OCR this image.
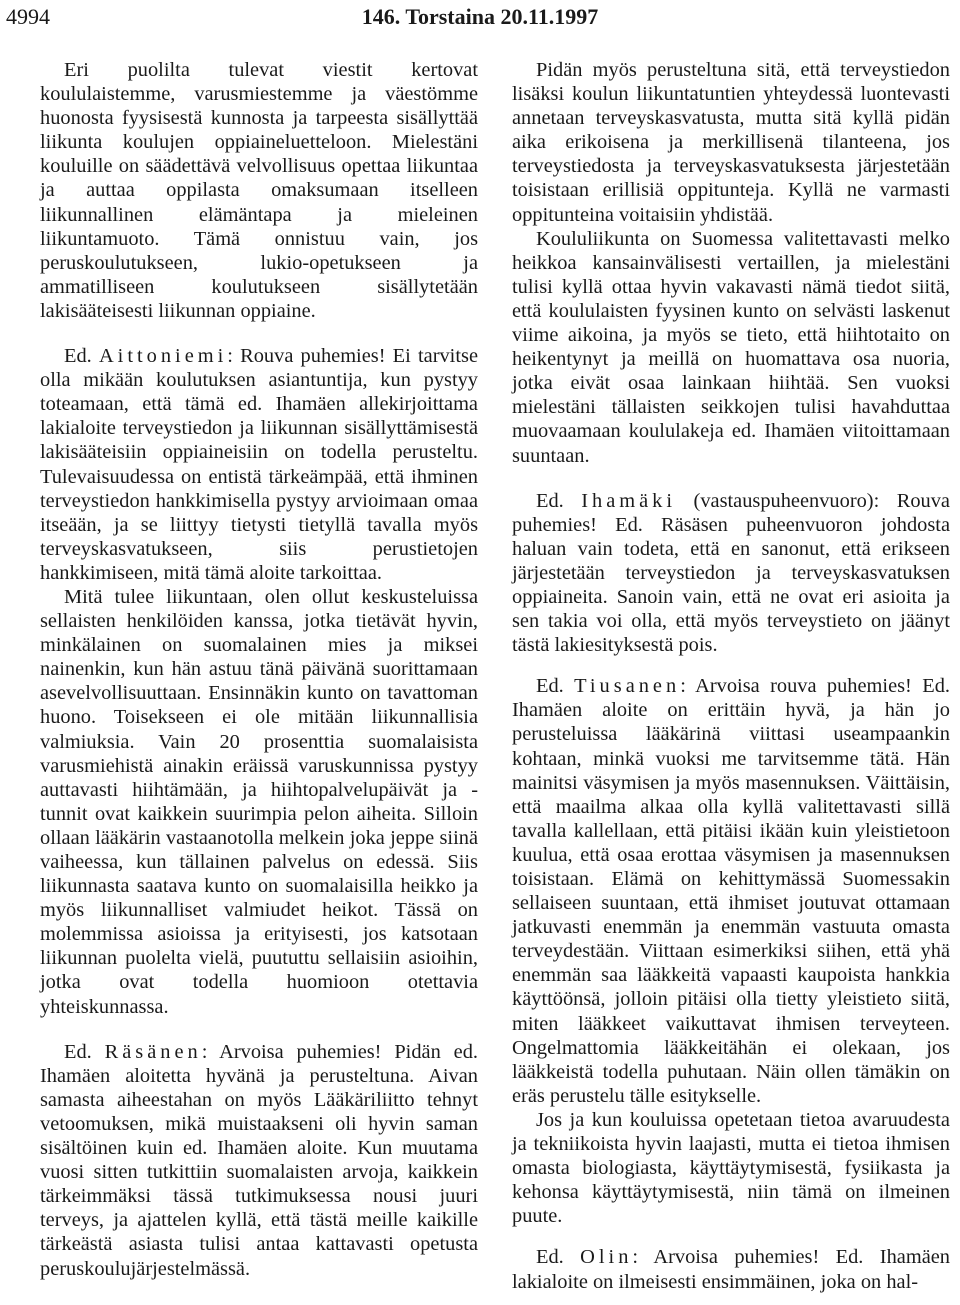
4994	146. Torstaina 20.11.1997

Eri puolilta tulevat viestit kertovat koululaistemme, varusmiestemme ja väestömme huonosta fyysisestä kunnosta ja tarpeesta sisällyttää liikunta koulujen oppiaineluetteloon. Mielestäni kouluille on säädettävä velvollisuus opettaa liikuntaa ja auttaa oppilasta omaksumaan itselleen liikunnallinen elämäntapa ja mieleinen liikuntamuoto. Tämä onnistuu vain, jos peruskoulutukseen, lukio-opetukseen ja ammatilliseen koulutukseen sisällytetään lakisääteisesti liikunnan oppiaine.

Ed. Aittoniemi: Rouva puhemies! Ei tarvitse olla mikään koulutuksen asiantuntija, kun pystyy toteamaan, että tämä ed. Ihamäen allekirjoittama lakialoite terveystiedon ja liikunnan sisällyttämisestä lakisääteisiin oppiaineisiin on todella perusteltu. Tulevaisuudessa on entistä tärkeämpää, että ihminen terveystiedon hankkimisella pystyy arvioimaan omaa itseään, ja se liittyy tietysti tietyllä tavalla myös terveyskasvatukseen, siis perustietojen hankkimiseen, mitä tämä aloite tarkoittaa.

Mitä tulee liikuntaan, olen ollut keskusteluissa sellaisten henkilöiden kanssa, jotka tietävät hyvin, minkälainen on suomalainen mies ja miksei nainenkin, kun hän astuu tänä päivänä suorittamaan asevelvollisuuttaan. Ensinnäkin kunto on tavattoman huono. Toisekseen ei ole mitään liikunnallisia valmiuksia. Vain 20 prosenttia suomalaisista varusmiehistä ainakin eräissä varuskunnissa pystyy auttavasti hiihtämään, ja hiihtopalvelupäivät ja -tunnit ovat kaikkein suurimpia pelon aiheita. Silloin ollaan lääkärin vastaanotolla melkein joka jeppe siinä vaiheessa, kun tällainen palvelus on edessä. Siis liikunnasta saatava kunto on suomalaisilla heikko ja myös liikunnalliset valmiudet heikot. Tässä on molemmissa asioissa ja erityisesti, jos katsotaan liikunnan puolelta vielä, puututtu sellaisiin asioihin, jotka ovat todella huomioon otettavia yhteiskunnassa.

Ed. Räsänen: Arvoisa puhemies! Pidän ed. Ihamäen aloitetta hyvänä ja perusteltuna. Aivan samasta aiheestahan on myös Lääkäriliitto tehnyt vetoomuksen, mikä muistaakseni oli hyvin saman sisältöinen kuin ed. Ihamäen aloite. Kun muutama vuosi sitten tutkittiin suomalaisten arvoja, kaikkein tärkeimmäksi tässä tutkimuksessa nousi juuri terveys, ja ajattelen kyllä, että tästä meille kaikille tärkeästä asiasta tulisi antaa kattavasti opetusta peruskoulujärjestelmässä.

Pidän myös perusteltuna sitä, että terveystiedon lisäksi koulun liikuntatuntien yhteydessä luontevasti annetaan terveyskasvatusta, mutta sitä kyllä pidän aika erikoisena ja merkillisenä tilanteena, jos terveystiedosta ja terveyskasvatuksesta järjestetään toisistaan erillisiä oppitunteja. Kyllä ne varmasti oppitunteina voitaisiin yhdistää.

Koululiikunta on Suomessa valitettavasti melko heikkoa kansainvälisesti vertaillen, ja mielestäni tulisi kyllä ottaa hyvin vakavasti nämä tiedot siitä, että koululaisten fyysinen kunto on selvästi laskenut viime aikoina, ja myös se tieto, että hiihtotaito on heikentynyt ja meillä on huomattava osa nuoria, jotka eivät osaa lainkaan hiihtää. Sen vuoksi mielestäni tällaisten seikkojen tulisi havahduttaa muovaamaan koululakeja ed. Ihamäen viitoittamaan suuntaan.

Ed. Ihamäki (vastauspuheenvuoro): Rouva puhemies! Ed. Räsäsen puheenvuoron johdosta haluan vain todeta, että en sanonut, että erikseen järjestetään terveystiedon ja terveyskasvatuksen oppiaineita. Sanoin vain, että ne ovat eri asioita ja sen takia voi olla, että myös terveystieto on jäänyt tästä lakiesityksestä pois.

Ed. Tiusanen: Arvoisa rouva puhemies! Ed. Ihamäen aloite on erittäin hyvä, ja hän jo perusteluissa lääkärinä viittasi useampaankin kohtaan, minkä vuoksi me tarvitsemme tätä. Hän mainitsi väsymisen ja myös masennuksen. Väittäisin, että maailma alkaa olla kyllä valitettavasti sillä tavalla kallellaan, että pitäisi ikään kuin yleistietoon kuulua, että osaa erottaa väsymisen ja masennuksen toisistaan. Elämä on kehittymässä Suomessakin sellaiseen suuntaan, että ihmiset joutuvat ottamaan jatkuvasti enemmän ja enemmän vastuuta omasta terveydestään. Viittaan esimerkiksi siihen, että yhä enemmän saa lääkkeitä vapaasti kaupoista hankkia käyttöönsä, jolloin pitäisi olla tietty yleistieto siitä, miten lääkkeet vaikuttavat ihmisen terveyteen. Ongelmattomia lääkkeitähän ei olekaan, jos lääkkeistä todella puhutaan. Näin ollen tämäkin on eräs perustelu tälle esitykselle.

Jos ja kun kouluissa opetetaan tietoa avaruudesta ja tekniikoista hyvin laajasti, mutta ei tietoa ihmisen omasta biologiasta, käyttäytymisestä, fysiikasta ja kehonsa käyttäytymisestä, niin tämä on ilmeinen puute.

Ed. Olin: Arvoisa puhemies! Ed. Ihamäen lakialoite on ilmeisesti ensimmäinen, joka on hal-
